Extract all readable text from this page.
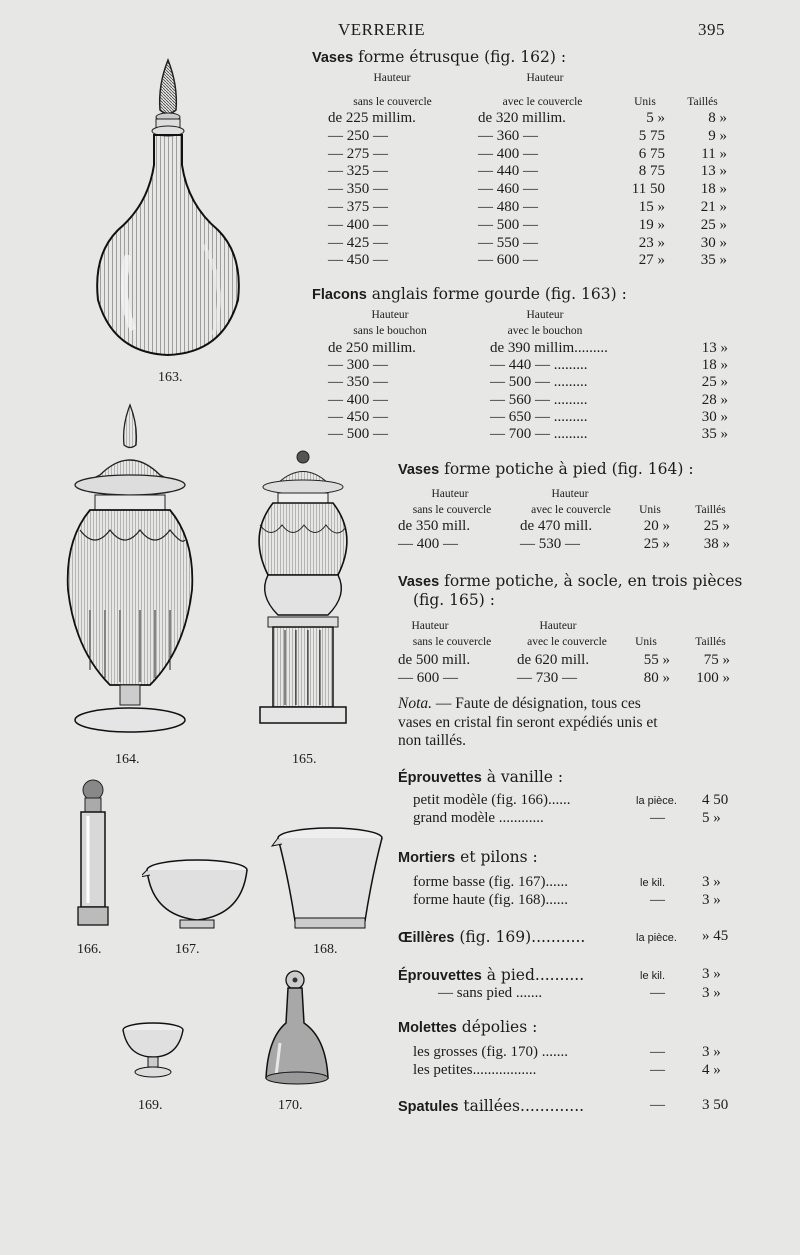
VERRERIE	395
Vases forme étrusque (fig. 162) :
Hauteur	Hauteur
sans le couvercle	avec le couvercle	Unis	Taillés
de 225 millim.	de 320 millim.	5 »	8 »
— 250 —	— 360 —	5 75	9 »
— 275 —	— 400 —	6 75	11 »
— 325 —	— 440 —	8 75	13 »
— 350 —	— 460 —	11 50	18 »
— 375 —	— 480 —	15 »	21 »
— 400 —	— 500 —	19 »	25 »
— 425 —	— 550 —	23 »	30 »
— 450 —	— 600 —	27 »	35 »
Flacons anglais forme gourde (fig. 163) :
Hauteur	Hauteur
sans le bouchon	avec le bouchon
de 250 millim.	de 390 millim.........	13 »
— 300 —	— 440 — .........	18 »
— 350 —	— 500 — .........	25 »
— 400 —	— 560 — .........	28 »
— 450 —	— 650 — .........	30 »
— 500 —	— 700 — .........	35 »
Vases forme potiche à pied (fig. 164) :
Hauteur	Hauteur
sans le couvercle	avec le couvercle	Unis	Taillés
de 350 mill.	de 470 mill.	20 »	25 »
— 400 —	— 530 —	25 »	38 »
Vases forme potiche, à socle, en trois pièces
(fig. 165) :
Hauteur	Hauteur
sans le couvercle	avec le couvercle	Unis	Taillés
de 500 mill.	de 620 mill.	55 »	75 »
— 600 —	— 730 —	80 »	100 »
Nota. — Faute de désignation, tous ces
vases en cristal fin seront expédiés unis et
non taillés.
Éprouvettes à vanille :
petit modèle (fig. 166)......	la pièce. 4 50
grand modèle ............	— 5 »
Mortiers et pilons :
forme basse (fig. 167)......	le kil. 3 »
forme haute (fig. 168)......	— 3 »
Œillères (fig. 169)...........	la pièce. » 45
Éprouvettes à pied..........	le kil. 3 »
— sans pied .......	— 3 »
Molettes dépolies :
les grosses (fig. 170) .......	— 3 »
les petites.................	— 4 »
Spatules taillées.............	— 3 50
163.
164.	165.
166.	167.	168.
169.	170.
